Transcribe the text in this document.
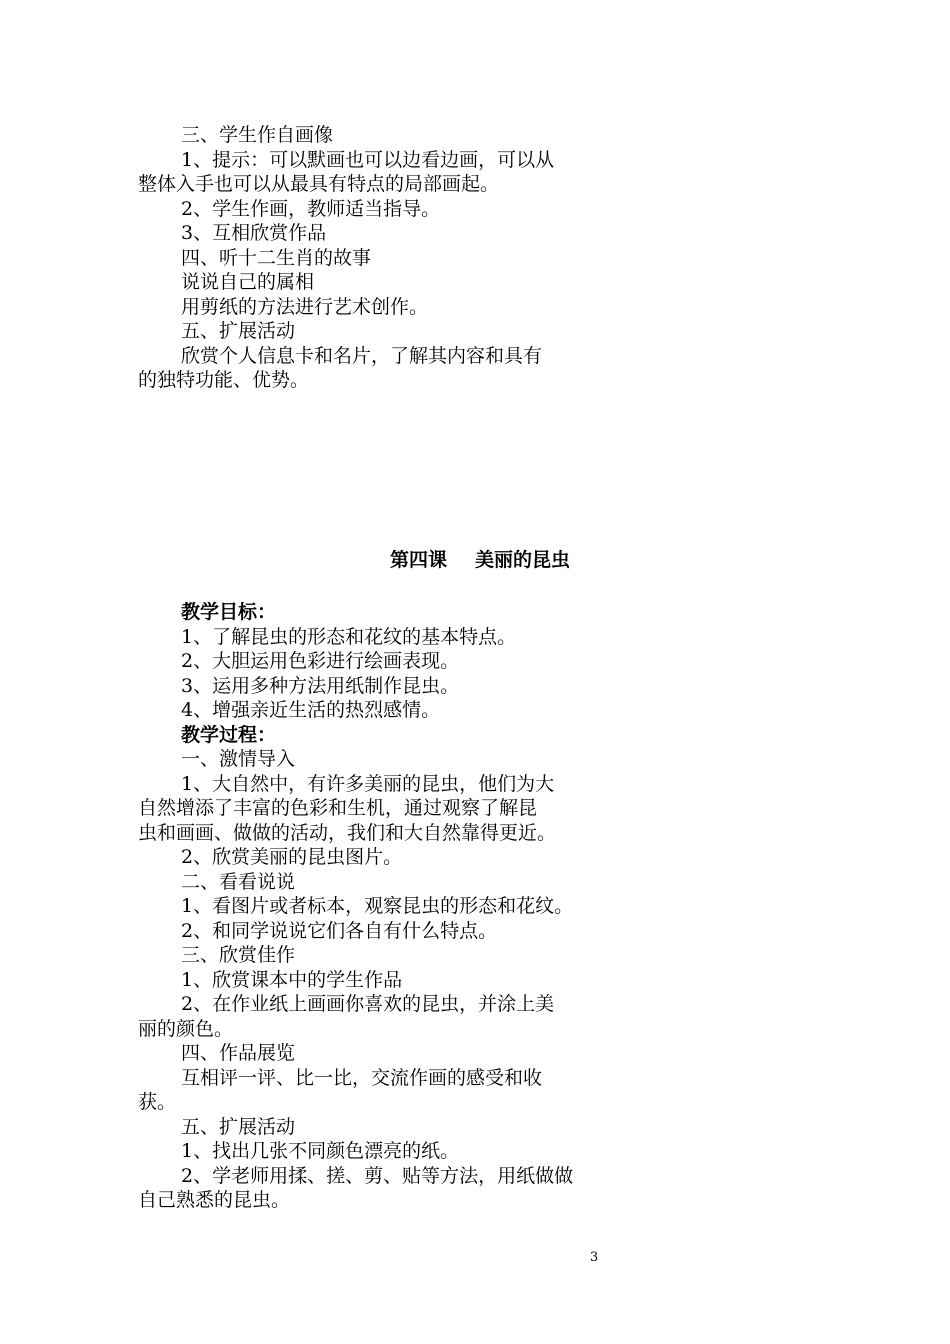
三、学生作自画像
1、提示：可以默画也可以边看边画，可以从
整体入手也可以从最具有特点的局部画起。
2、学生作画，教师适当指导。
3、互相欣赏作品
四、听十二生肖的故事
说说自己的属相
用剪纸的方法进行艺术创作。
五、扩展活动
欣赏个人信息卡和名片，了解其内容和具有
的独特功能、优势。
第四课 美丽的昆虫
教学目标：
1、了解昆虫的形态和花纹的基本特点。
2、大胆运用色彩进行绘画表现。
3、运用多种方法用纸制作昆虫。
4、增强亲近生活的热烈感情。
教学过程：
一、激情导入
1、大自然中，有许多美丽的昆虫，他们为大
自然增添了丰富的色彩和生机，通过观察了解昆
虫和画画、做做的活动，我们和大自然靠得更近。
2、欣赏美丽的昆虫图片。
二、看看说说
1、看图片或者标本，观察昆虫的形态和花纹。
2、和同学说说它们各自有什么特点。
三、欣赏佳作
1、欣赏课本中的学生作品
2、在作业纸上画画你喜欢的昆虫，并涂上美
丽的颜色。
四、作品展览
互相评一评、比一比，交流作画的感受和收
获。
五、扩展活动
1、找出几张不同颜色漂亮的纸。
2、学老师用揉、搓、剪、贴等方法，用纸做做
自己熟悉的昆虫。
3
